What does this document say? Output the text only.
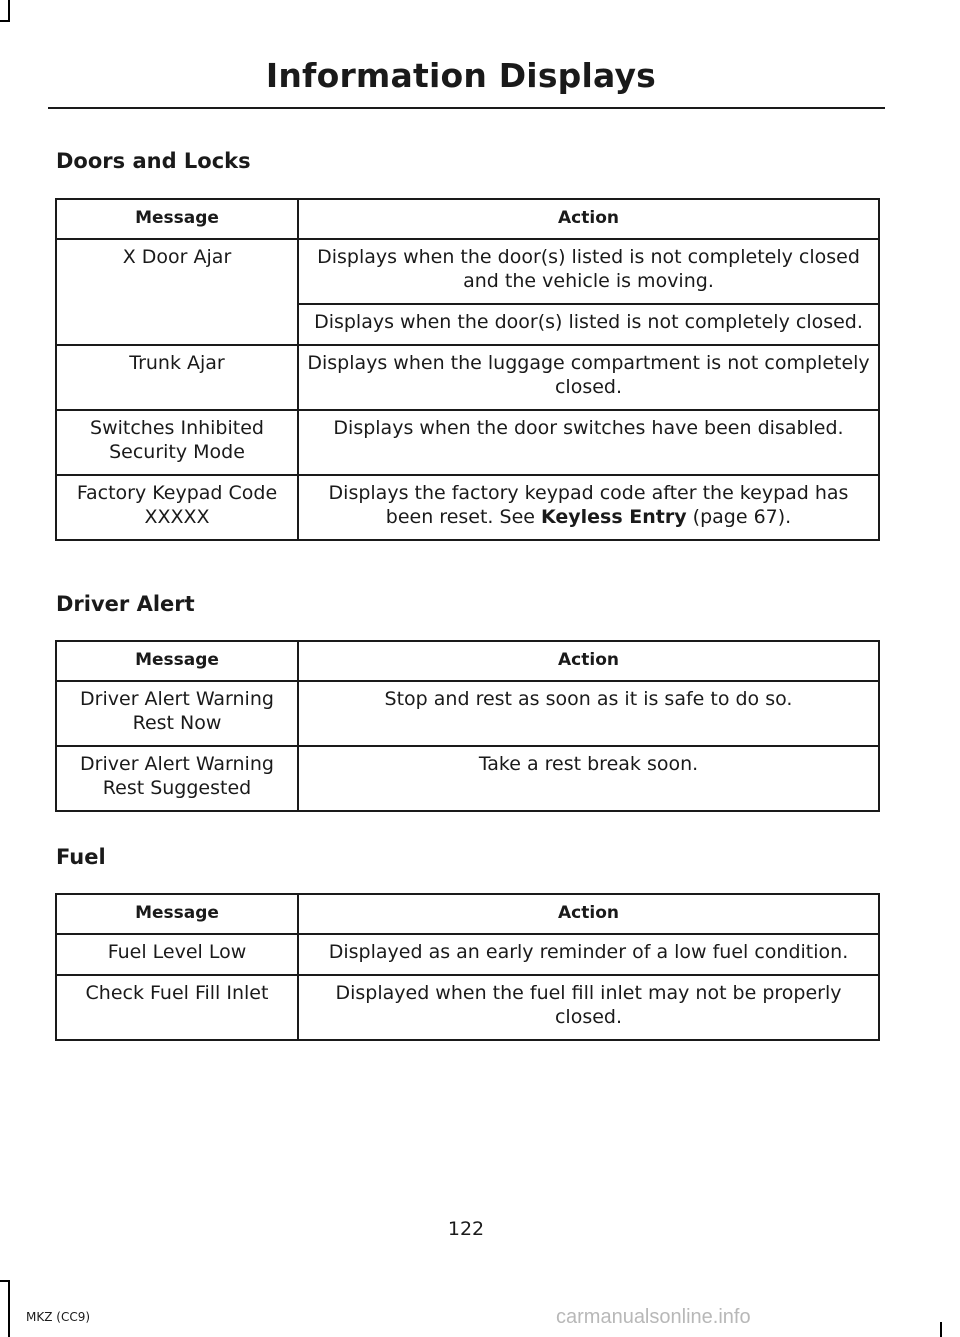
Information Displays
Doors and Locks
Message	Action
X Door Ajar	Displays when the door(s) listed is not completely closed and the vehicle is moving.
	Displays when the door(s) listed is not completely closed.
Trunk Ajar	Displays when the luggage compartment is not completely closed.
Switches Inhibited Security Mode	Displays when the door switches have been disabled.
Factory Keypad Code XXXXX	Displays the factory keypad code after the keypad has been reset. See Keyless Entry (page 67).
Driver Alert
Message	Action
Driver Alert Warning Rest Now	Stop and rest as soon as it is safe to do so.
Driver Alert Warning Rest Suggested	Take a rest break soon.
Fuel
Message	Action
Fuel Level Low	Displayed as an early reminder of a low fuel condition.
Check Fuel Fill Inlet	Displayed when the fuel fill inlet may not be properly closed.
122
MKZ (CC9)	carmanualsonline.info
